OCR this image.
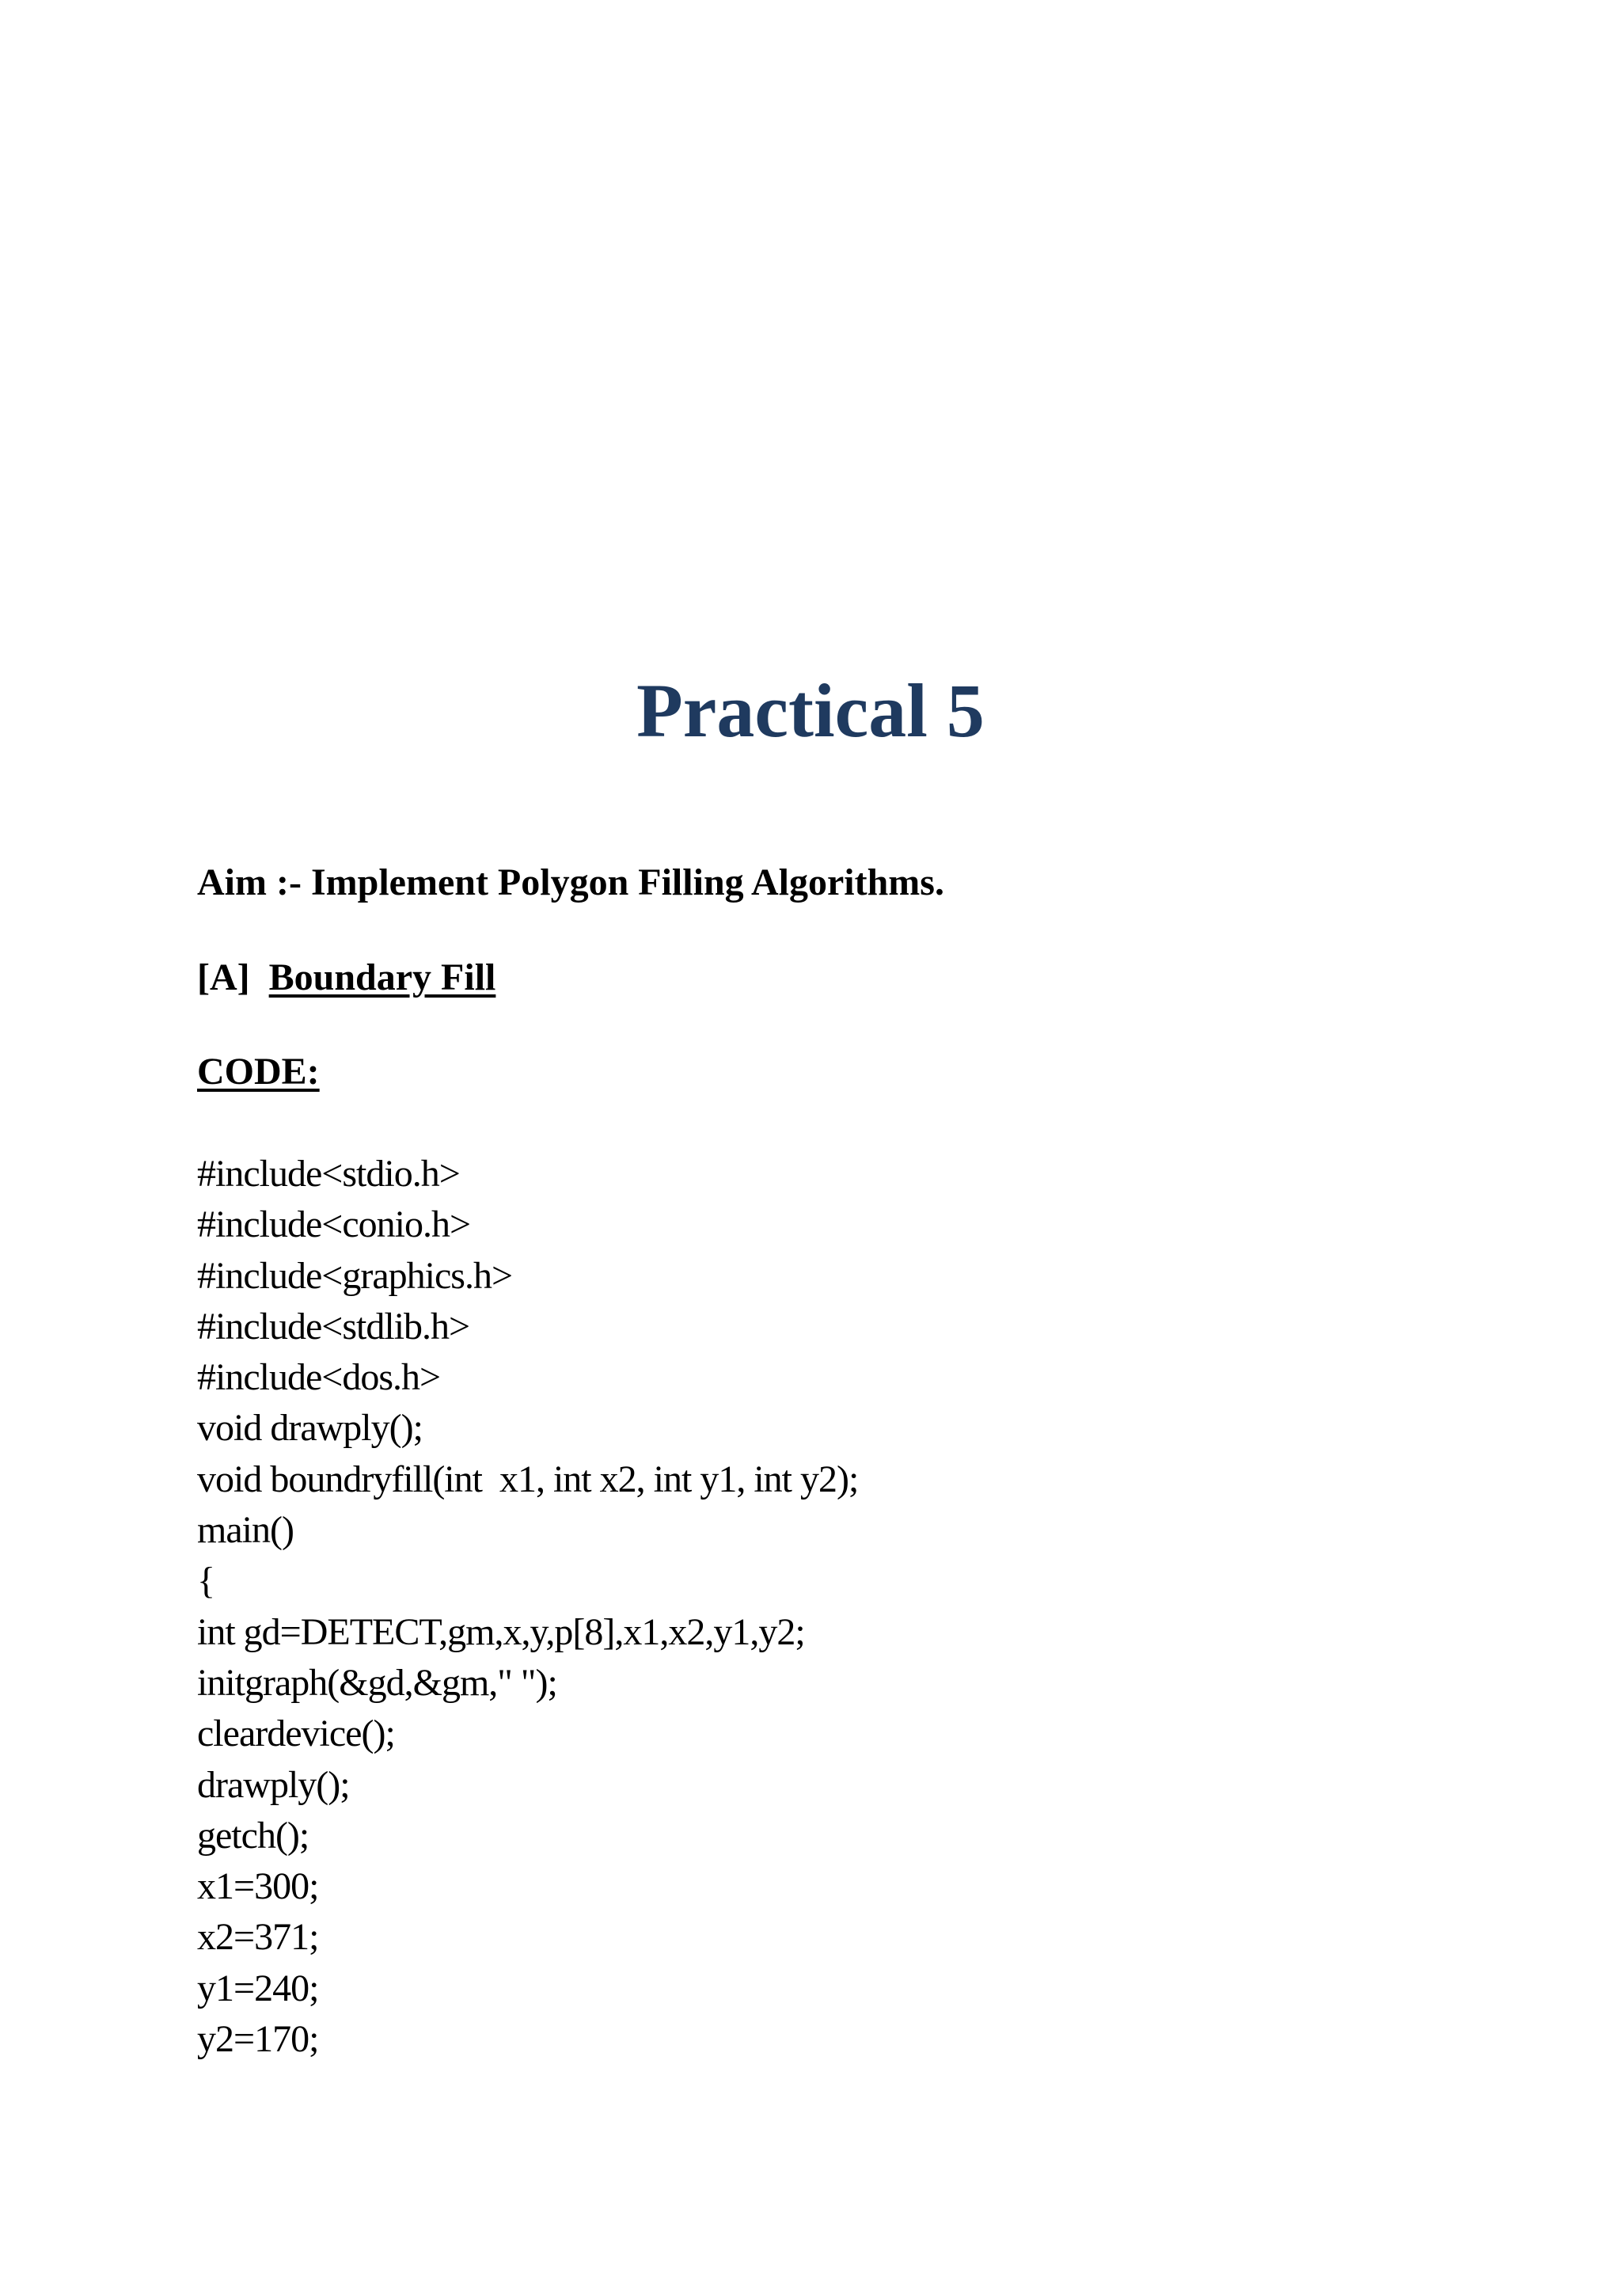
Practical 5

Aim :- Implement Polygon Filling Algorithms.

[A] Boundary Fill

CODE:

#include<stdio.h>
#include<conio.h>
#include<graphics.h>
#include<stdlib.h>
#include<dos.h>
void drawply();
void boundryfill(int  x1, int x2, int y1, int y2);
main()
{
int gd=DETECT,gm,x,y,p[8],x1,x2,y1,y2;
initgraph(&gd,&gm," ");
cleardevice();
drawply();
getch();
x1=300;
x2=371;
y1=240;
y2=170;
